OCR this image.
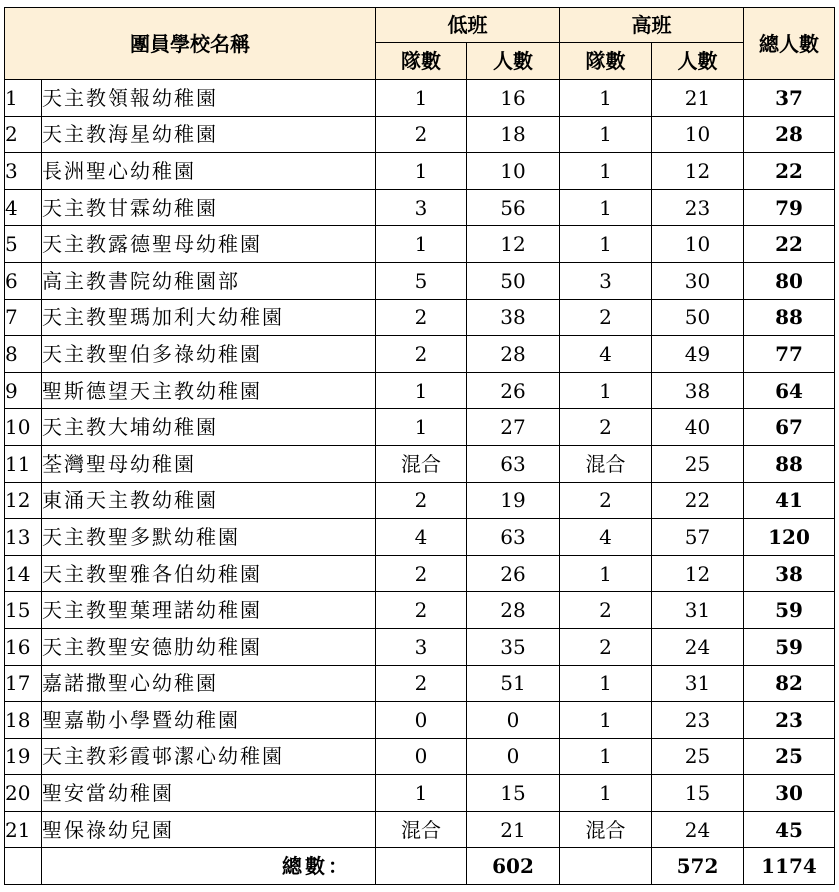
團員學校名稱		低班		高班		總人數
		隊數	人數	隊數	人數	
1	天主教領報幼稚園	1	16	1	21	37
2	天主教海星幼稚園	2	18	1	10	28
3	長洲聖心幼稚園	1	10	1	12	22
4	天主教甘霖幼稚園	3	56	1	23	79
5	天主教露德聖母幼稚園	1	12	1	10	22
6	高主教書院幼稚園部	5	50	3	30	80
7	天主教聖瑪加利大幼稚園	2	38	2	50	88
8	天主教聖伯多祿幼稚園	2	28	4	49	77
9	聖斯德望天主教幼稚園	1	26	1	38	64
10	天主教大埔幼稚園	1	27	2	40	67
11	荃灣聖母幼稚園	混合	63	混合	25	88
12	東涌天主教幼稚園	2	19	2	22	41
13	天主教聖多默幼稚園	4	63	4	57	120
14	天主教聖雅各伯幼稚園	2	26	1	12	38
15	天主教聖葉理諾幼稚園	2	28	2	31	59
16	天主教聖安德肋幼稚園	3	35	2	24	59
17	嘉諾撒聖心幼稚園	2	51	1	31	82
18	聖嘉勒小學暨幼稚園	0	0	1	23	23
19	天主教彩霞邨潔心幼稚園	0	0	1	25	25
20	聖安當幼稚園	1	15	1	15	30
21	聖保祿幼兒園	混合	21	混合	24	45
	總數：		602		572	1174
